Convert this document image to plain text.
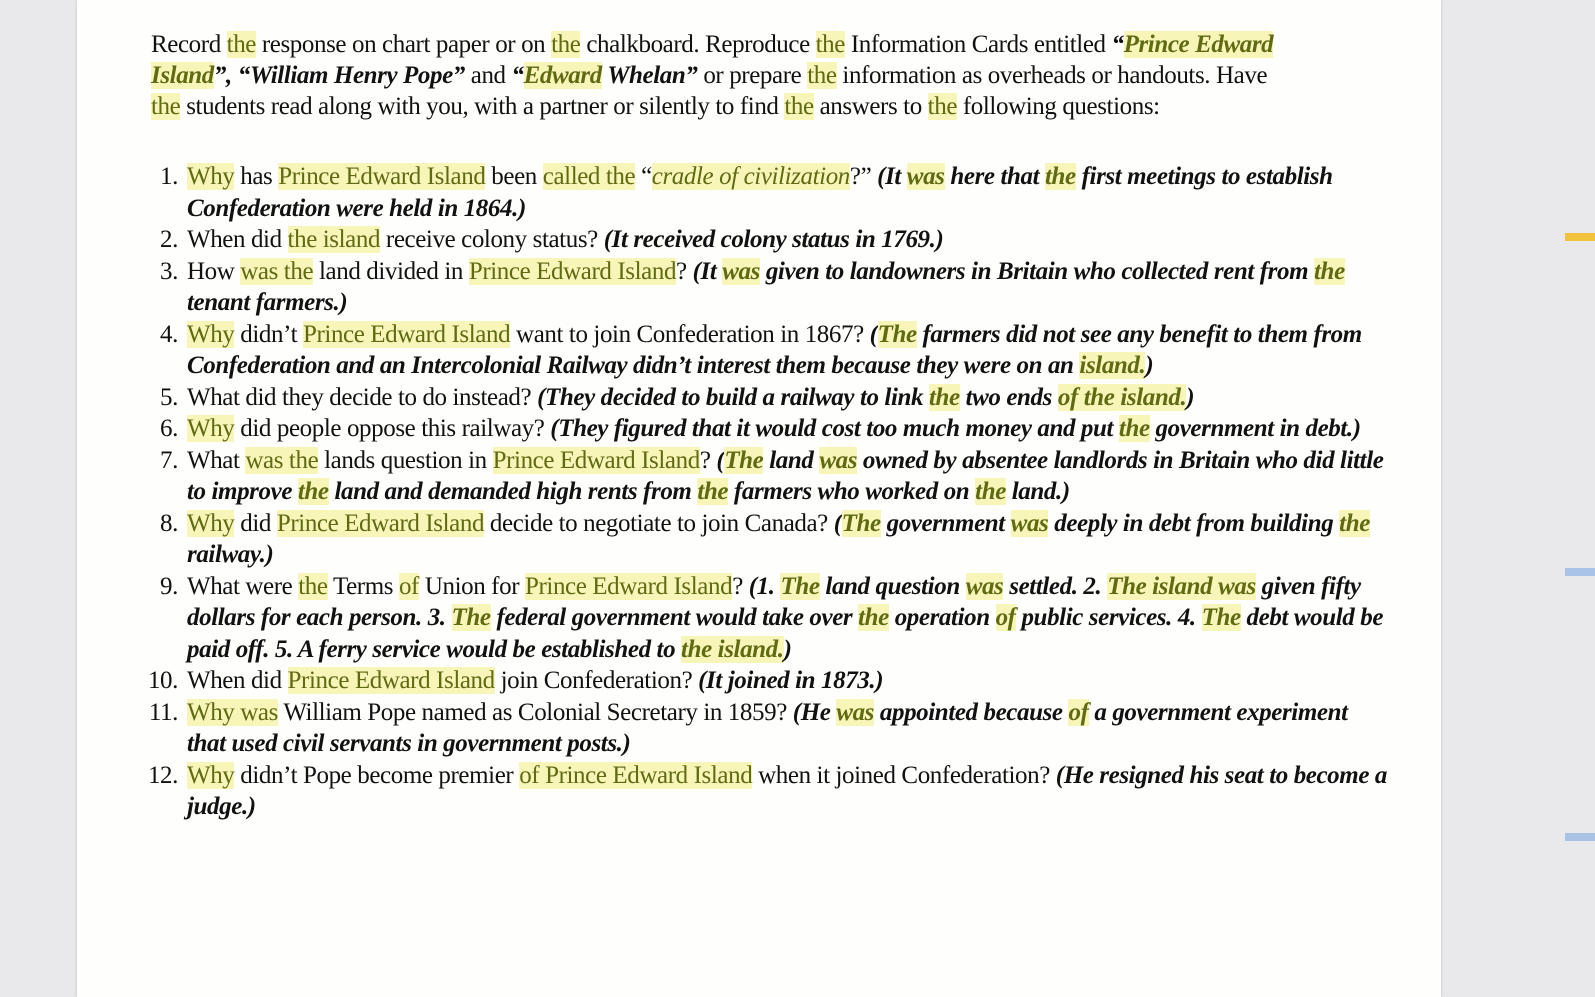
Record the response on chart paper or on the chalkboard. Reproduce the Information Cards entitled “Prince Edward Island”, “William Henry Pope” and “Edward Whelan” or prepare the information as overheads or handouts. Have the students read along with you, with a partner or silently to find the answers to the following questions:

1. Why has Prince Edward Island been called the “cradle of civilization?” (It was here that the first meetings to establish Confederation were held in 1864.)
2. When did the island receive colony status? (It received colony status in 1769.)
3. How was the land divided in Prince Edward Island? (It was given to landowners in Britain who collected rent from the tenant farmers.)
4. Why didn’t Prince Edward Island want to join Confederation in 1867? (The farmers did not see any benefit to them from Confederation and an Intercolonial Railway didn’t interest them because they were on an island.)
5. What did they decide to do instead? (They decided to build a railway to link the two ends of the island.)
6. Why did people oppose this railway? (They figured that it would cost too much money and put the government in debt.)
7. What was the lands question in Prince Edward Island? (The land was owned by absentee landlords in Britain who did little to improve the land and demanded high rents from the farmers who worked on the land.)
8. Why did Prince Edward Island decide to negotiate to join Canada? (The government was deeply in debt from building the railway.)
9. What were the Terms of Union for Prince Edward Island? (1. The land question was settled. 2. The island was given fifty dollars for each person. 3. The federal government would take over the operation of public services. 4. The debt would be paid off. 5. A ferry service would be established to the island.)
10. When did Prince Edward Island join Confederation? (It joined in 1873.)
11. Why was William Pope named as Colonial Secretary in 1859? (He was appointed because of a government experiment that used civil servants in government posts.)
12. Why didn’t Pope become premier of Prince Edward Island when it joined Confederation? (He resigned his seat to become a judge.)
